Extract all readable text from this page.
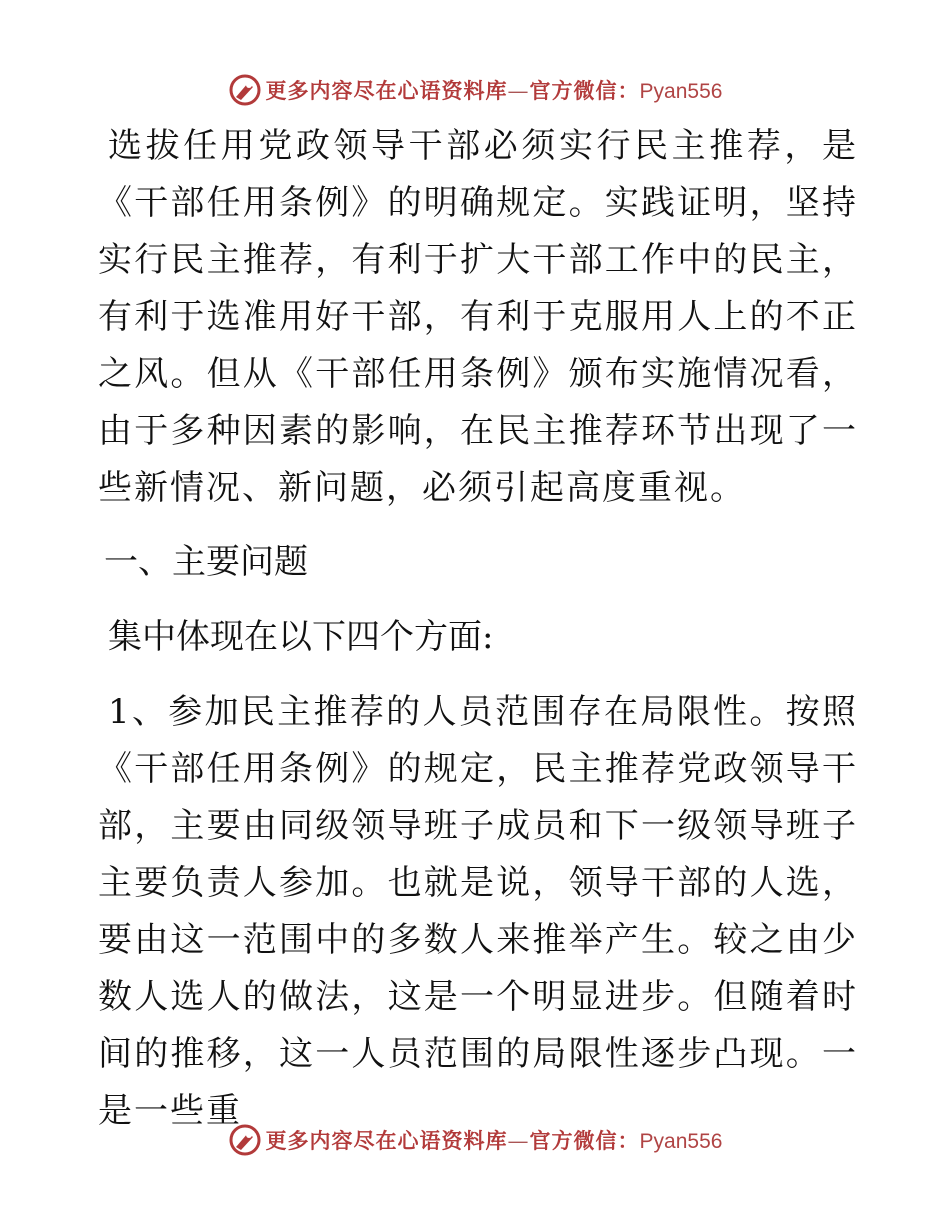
更多内容尽在心语资料库—官方微信：Pyan556

选拔任用党政领导干部必须实行民主推荐，是《干部任用条例》的明确规定。实践证明，坚持实行民主推荐，有利于扩大干部工作中的民主，有利于选准用好干部，有利于克服用人上的不正之风。但从《干部任用条例》颁布实施情况看，由于多种因素的影响，在民主推荐环节出现了一些新情况、新问题，必须引起高度重视。

一、主要问题

集中体现在以下四个方面:

1、参加民主推荐的人员范围存在局限性。按照《干部任用条例》的规定，民主推荐党政领导干部，主要由同级领导班子成员和下一级领导班子主要负责人参加。也就是说，领导干部的人选，要由这一范围中的多数人来推举产生。较之由少数人选人的做法，这是一个明显进步。但随着时间的推移，这一人员范围的局限性逐步凸现。一是一些重

更多内容尽在心语资料库—官方微信：Pyan556
